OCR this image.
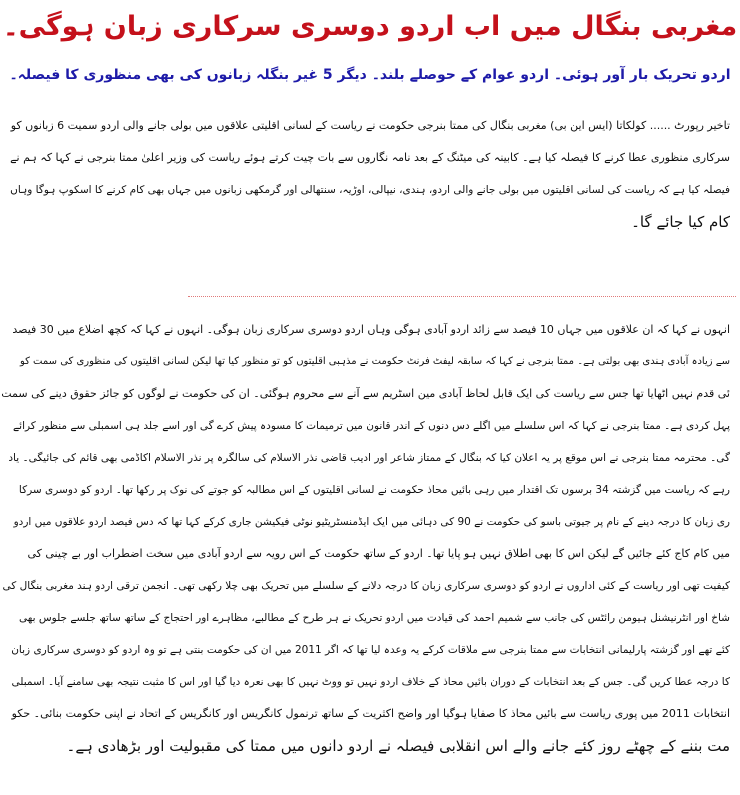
مغربی بنگال میں اب اردو دوسری سرکاری زبان ہوگی۔
اردو تحریک بار آور ہوئی۔ اردو عوام کے حوصلے بلند۔ دیگر 5 غیر بنگلہ زبانوں کی بھی منظوری کا فیصلہ۔
تاخیر رپورٹ ...... کولکاتا (ایس این بی) مغربی بنگال کی ممتا بنرجی حکومت نے ریاست کے لسانی اقلیتی علاقوں میں بولی جانے والی اردو سمیت 6 زبانوں کو
سرکاری منظوری عطا کرنے کا فیصلہ کیا ہے۔ کابینہ کی میٹنگ کے بعد نامہ نگاروں سے بات چیت کرتے ہوئے ریاست کی وزیر اعلیٰ ممتا بنرجی نے کہا کہ ہم نے
فیصلہ کیا ہے کہ ریاست کی لسانی اقلیتوں میں بولی جانے والی اردو، ہندی، نیپالی، اوڑیہ، سنتھالی اور گرمکھی زبانوں میں جہاں بھی کام کرنے کا اسکوپ ہوگا وہاں
کام کیا جائے گا۔
انہوں نے کہا کہ ان علاقوں میں جہاں 10 فیصد سے زائد اردو آبادی ہوگی وہاں اردو دوسری سرکاری زبان ہوگی۔ انہوں نے کہا کہ کچھ اضلاع میں 30 فیصد
سے زیادہ آبادی ہندی بھی بولتی ہے۔ ممتا بنرجی نے کہا کہ سابقہ لیفٹ فرنٹ حکومت نے مذہبی اقلیتوں کو تو منظور کیا تھا لیکن لسانی اقلیتوں کی منظوری کی سمت کو
ئی قدم نہیں اٹھایا تھا جس سے ریاست کی ایک قابل لحاظ آبادی مین اسٹریم سے آنے سے محروم ہوگئی۔ ان کی حکومت نے لوگوں کو جائز حقوق دینے کی سمت
پہل کردی ہے۔ ممتا بنرجی نے کہا کہ اس سلسلے میں اگلے دس دنوں کے اندر قانون میں ترمیمات کا مسودہ پیش کرے گی اور اسے جلد ہی اسمبلی سے منظور کرائے
گی۔ محترمہ ممتا بنرجی نے اس موقع پر یہ اعلان کیا کہ بنگال کے ممتاز شاعر اور ادیب قاضی نذر الاسلام کی سالگرہ پر نذر الاسلام اکاڈمی بھی قائم کی جائیگی۔ یاد
رہے کہ ریاست میں گزشتہ 34 برسوں تک اقتدار میں رہی بائیں محاذ حکومت نے لسانی اقلیتوں کے اس مطالبہ کو جوتے کی نوک پر رکھا تھا۔ اردو کو دوسری سرکا
ری زبان کا درجہ دینے کے نام پر جیوتی باسو کی حکومت نے 90 کی دہائی میں ایک ایڈمنسٹریٹیو نوٹی فیکیشن جاری کرکے کہا تھا کہ دس فیصد اردو علاقوں میں اردو
میں کام کاج کئے جائیں گے لیکن اس کا بھی اطلاق نہیں ہو پایا تھا۔ اردو کے ساتھ حکومت کے اس رویہ سے اردو آبادی میں سخت اضطراب اور بے چینی کی
کیفیت تھی اور ریاست کے کئی اداروں نے اردو کو دوسری سرکاری زبان کا درجہ دلانے کے سلسلے میں تحریک بھی چلا رکھی تھی۔ انجمن ترقی اردو ہند مغربی بنگال کی
شاخ اور انٹرنیشنل ہیومن رائٹس کی جانب سے شمیم احمد کی قیادت میں اردو تحریک نے ہر طرح کے مطالبے، مظاہرے اور احتجاج کے ساتھ ساتھ جلسے جلوس بھی
کئے تھے اور گزشتہ پارلیمانی انتخابات سے ممتا بنرجی سے ملاقات کرکے یہ وعدہ لیا تھا کہ اگر 2011 میں ان کی حکومت بنتی ہے تو وہ اردو کو دوسری سرکاری زبان
کا درجہ عطا کریں گی۔ جس کے بعد انتخابات کے دوران بائیں محاذ کے خلاف اردو نہیں تو ووٹ نہیں کا بھی نعرہ دیا گیا اور اس کا مثبت نتیجہ بھی سامنے آیا۔ اسمبلی
انتخابات 2011 میں پوری ریاست سے بائیں محاذ کا صفایا ہوگیا اور واضح اکثریت کے ساتھ ترنمول کانگریس اور کانگریس کے اتحاد نے اپنی حکومت بنائی۔ حکو
مت بننے کے چھٹے روز کئے جانے والے اس انقلابی فیصلہ نے اردو دانوں میں ممتا کی مقبولیت اور بڑھادی ہے۔
